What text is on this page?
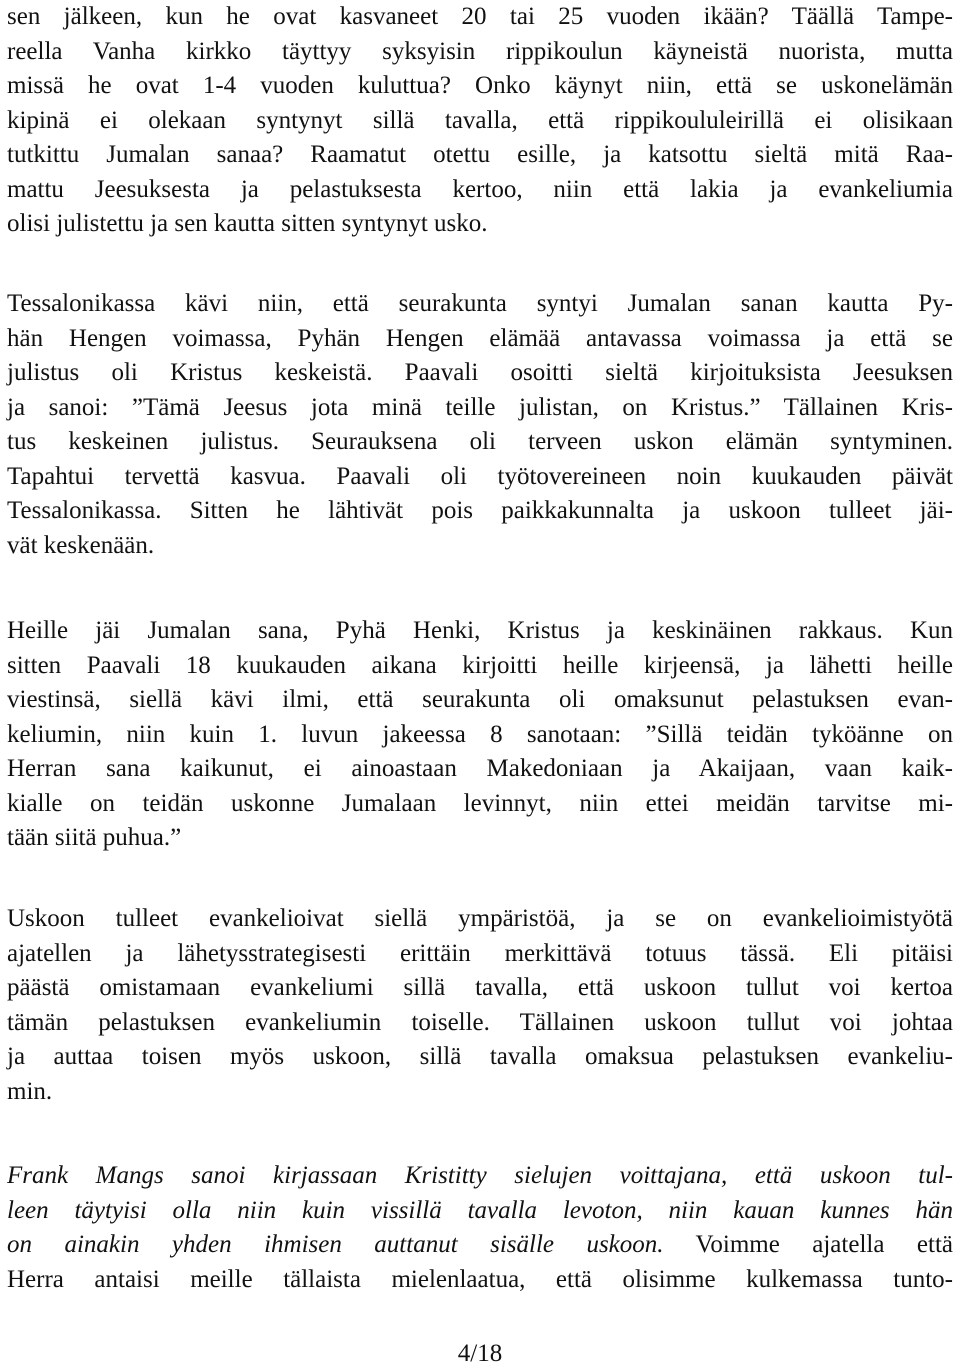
sen jälkeen, kun he ovat kasvaneet 20 tai 25 vuoden ikään? Täällä Tampe-
reella Vanha kirkko täyttyy syksyisin rippikoulun käyneistä nuorista, mutta
missä he ovat 1-4 vuoden kuluttua? Onko käynyt niin, että se uskonelämän
kipinä ei olekaan syntynyt sillä tavalla, että rippikoululeirillä ei olisikaan
tutkittu Jumalan sanaa? Raamatut otettu esille, ja katsottu sieltä mitä Raa-
mattu Jeesuksesta ja pelastuksesta kertoo, niin että lakia ja evankeliumia
olisi julistettu ja sen kautta sitten syntynyt usko.
Tessalonikassa kävi niin, että seurakunta syntyi Jumalan sanan kautta Py-
hän Hengen voimassa, Pyhän Hengen elämää antavassa voimassa ja että se
julistus oli Kristus keskeistä. Paavali osoitti sieltä kirjoituksista Jeesuksen
ja sanoi: ”Tämä Jeesus jota minä teille julistan, on Kristus.” Tällainen Kris-
tus keskeinen julistus. Seurauksena oli terveen uskon elämän syntyminen.
Tapahtui tervettä kasvua. Paavali oli työtovereineen noin kuukauden päivät
Tessalonikassa. Sitten he lähtivät pois paikkakunnalta ja uskoon tulleet jäi-
vät keskenään.
Heille jäi Jumalan sana, Pyhä Henki, Kristus ja keskinäinen rakkaus. Kun
sitten Paavali 18 kuukauden aikana kirjoitti heille kirjeensä, ja lähetti heille
viestinsä, siellä kävi ilmi, että seurakunta oli omaksunut pelastuksen evan-
keliumin, niin kuin 1. luvun jakeessa 8 sanotaan: ”Sillä teidän tyköänne on
Herran sana kaikunut, ei ainoastaan Makedoniaan ja Akaijaan, vaan kaik-
kialle on teidän uskonne Jumalaan levinnyt, niin ettei meidän tarvitse mi-
tään siitä puhua.”
Uskoon tulleet evankelioivat siellä ympäristöä, ja se on evankelioimistyötä
ajatellen ja lähetysstrategisesti erittäin merkittävä totuus tässä. Eli pitäisi
päästä omistamaan evankeliumi sillä tavalla, että uskoon tullut voi kertoa
tämän pelastuksen evankeliumin toiselle. Tällainen uskoon tullut voi johtaa
ja auttaa toisen myös uskoon, sillä tavalla omaksua pelastuksen evankeliu-
min.
Frank Mangs sanoi kirjassaan Kristitty sielujen voittajana, että uskoon tul-
leen täytyisi olla niin kuin vissillä tavalla levoton, niin kauan kunnes hän
on ainakin yhden ihmisen auttanut sisälle uskoon. Voimme ajatella että
Herra antaisi meille tällaista mielenlaatua, että olisimme kulkemassa tunto-
4/18
